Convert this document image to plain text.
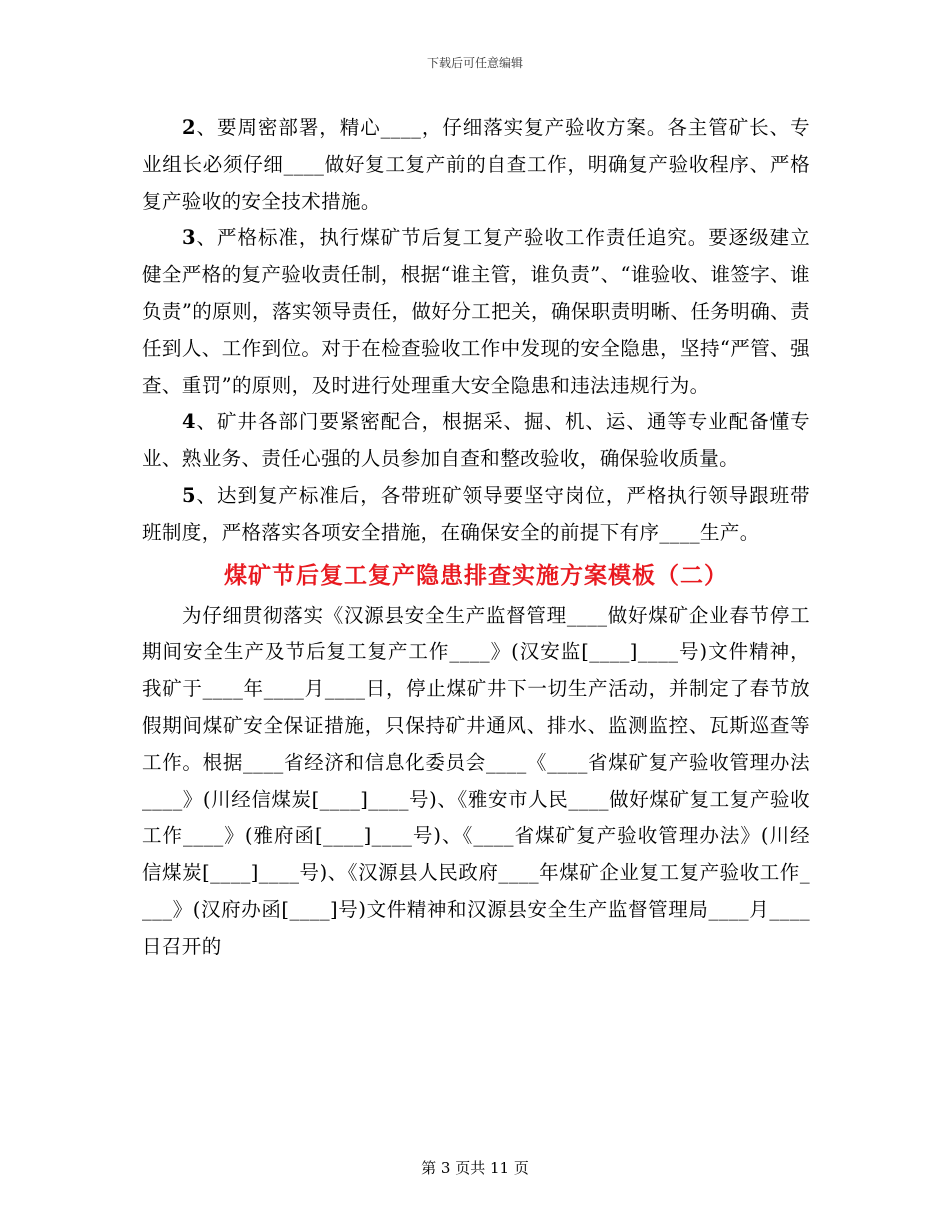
下载后可任意编辑

2、要周密部署，精心____，仔细落实复产验收方案。各主管矿长、专业组长必须仔细____做好复工复产前的自查工作，明确复产验收程序、严格复产验收的安全技术措施。

3、严格标准，执行煤矿节后复工复产验收工作责任追究。要逐级建立健全严格的复产验收责任制，根据“谁主管，谁负责”、“谁验收、谁签字、谁负责”的原则，落实领导责任，做好分工把关，确保职责明晰、任务明确、责任到人、工作到位。对于在检查验收工作中发现的安全隐患，坚持“严管、强查、重罚”的原则，及时进行处理重大安全隐患和违法违规行为。

4、矿井各部门要紧密配合，根据采、掘、机、运、通等专业配备懂专业、熟业务、责任心强的人员参加自查和整改验收，确保验收质量。

5、达到复产标准后，各带班矿领导要坚守岗位，严格执行领导跟班带班制度，严格落实各项安全措施，在确保安全的前提下有序____生产。

煤矿节后复工复产隐患排查实施方案模板（二）

为仔细贯彻落实《汉源县安全生产监督管理____做好煤矿企业春节停工期间安全生产及节后复工复产工作____》(汉安监[____]____号)文件精神，我矿于____年____月____日，停止煤矿井下一切生产活动，并制定了春节放假期间煤矿安全保证措施，只保持矿井通风、排水、监测监控、瓦斯巡查等工作。根据____省经济和信息化委员会____《____省煤矿复产验收管理办法____》(川经信煤炭[____]____号)、《雅安市人民____做好煤矿复工复产验收工作____》(雅府函[____]____号)、《____省煤矿复产验收管理办法》(川经信煤炭[____]____号)、《汉源县人民政府____年煤矿企业复工复产验收工作____》(汉府办函[____]号)文件精神和汉源县安全生产监督管理局____月____日召开的

第 3 页共 11 页
